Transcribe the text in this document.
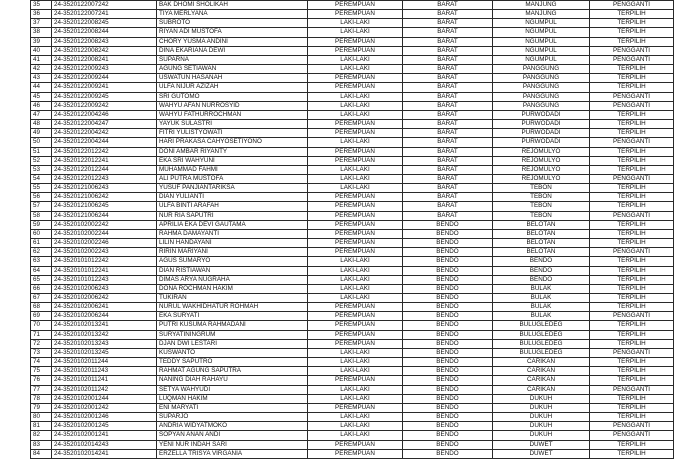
35	24-3520122007242	BAK DHOMI SHOLIKAH	PEREMPUAN	BARAT	MANJUNG	PENGGANTI
36	24-3520122007241	TIYA MERLYANA	PEREMPUAN	BARAT	MANJUNG	TERPILIH
37	24-3520122008245	SUBROTO	LAKI-LAKI	BARAT	NGUMPUL	TERPILIH
38	24-3520122008244	RIYAN ADI MUSTOFA	LAKI-LAKI	BARAT	NGUMPUL	TERPILIH
39	24-3520122008243	CHORY YUSMA ANDINI	PEREMPUAN	BARAT	NGUMPUL	TERPILIH
40	24-3520122008242	DINA EKARIANA DEWI	PEREMPUAN	BARAT	NGUMPUL	PENGGANTI
41	24-3520122008241	SUPARNA	LAKI-LAKI	BARAT	NGUMPUL	PENGGANTI
42	24-3520122009243	AGUNG SETIAWAN	LAKI-LAKI	BARAT	PANGGUNG	TERPILIH
43	24-3520122009244	USWATUN HASANAH	PEREMPUAN	BARAT	PANGGUNG	TERPILIH
44	24-3520122009241	ULFA NIJUR AZIZAH	PEREMPUAN	BARAT	PANGGUNG	TERPILIH
45	24-3520122009245	SRI GUTOMO	LAKI-LAKI	BARAT	PANGGUNG	PENGGANTI
46	24-3520122009242	WAHYU AFAN NURROSYID	LAKI-LAKI	BARAT	PANGGUNG	PENGGANTI
47	24-3520122004246	WAHYU FATHURROCHMAN	LAKI-LAKI	BARAT	PURWODADI	TERPILIH
48	24-3520122004247	YAYUK SULASTRI	PEREMPUAN	BARAT	PURWODADI	TERPILIH
49	24-3520122004242	FITRI YULISTYOWATI	PEREMPUAN	BARAT	PURWODADI	TERPILIH
50	24-3520122004244	HARI PRAKASA CAHYOSETIYONO	LAKI-LAKI	BARAT	PURWODADI	PENGGANTI
51	24-3520122012242	DONI AMBAR RIYANTY	PEREMPUAN	BARAT	REJOMULYO	TERPILIH
52	24-3520122012241	EKA SRI WAHYUNI	PEREMPUAN	BARAT	REJOMULYO	TERPILIH
53	24-3520122012244	MUHAMMAD FAHMI	LAKI-LAKI	BARAT	REJOMULYO	TERPILIH
54	24-3520122012243	ALI PUTRA MUSTOFA	LAKI-LAKI	BARAT	REJOMULYO	PENGGANTI
55	24-3520121006243	YUSUF PANJIANTARIKSA	LAKI-LAKI	BARAT	TEBON	TERPILIH
56	24-3520121006242	DIAN YULIANTI	PEREMPUAN	BARAT	TEBON	TERPILIH
57	24-3520121006245	ULFA BINTI ARAFAH	PEREMPUAN	BARAT	TEBON	TERPILIH
58	24-3520121006244	NUR RIA SAPUTRI	PEREMPUAN	BARAT	TEBON	PENGGANTI
59	24-3520102002242	APRILIA EKA DEVI GAUTAMA	PEREMPUAN	BENDO	BELOTAN	TERPILIH
60	24-3520102002244	RAHMA DAMAYANTI	PEREMPUAN	BENDO	BELOTAN	TERPILIH
61	24-3520102002246	LILIN HANDAYANI	PEREMPUAN	BENDO	BELOTAN	TERPILIH
62	24-3520102002243	RIRIN MARIYANI	PEREMPUAN	BENDO	BELOTAN	PENGGANTI
63	24-3520101012242	AGUS SUMARYO	LAKI-LAKI	BENDO	BENDO	TERPILIH
64	24-3520101012241	DIAN RISTIAWAN	LAKI-LAKI	BENDO	BENDO	TERPILIH
65	24-3520101012243	DIMAS ARYA NUGRAHA	LAKI-LAKI	BENDO	BENDO	TERPILIH
66	24-3520102006243	DONA ROCHMAN HAKIM	LAKI-LAKI	BENDO	BULAK	TERPILIH
67	24-3520102006242	TUKIRAN	LAKI-LAKI	BENDO	BULAK	TERPILIH
68	24-3520102006241	NURUL WAKHIDHATUR ROHMAH	PEREMPUAN	BENDO	BULAK	TERPILIH
69	24-3520102006244	EKA SURYATI	PEREMPUAN	BENDO	BULAK	PENGGANTI
70	24-3520102013241	PUTRI KUSUMA RAHMADANI	PEREMPUAN	BENDO	BULUGLEDEG	TERPILIH
71	24-3520102013242	SURYATININGRUM	PEREMPUAN	BENDO	BULUGLEDEG	TERPILIH
72	24-3520102013243	DJAN DWI LESTARI	PEREMPUAN	BENDO	BULUGLEDEG	TERPILIH
73	24-3520102013245	KUSWANTO	LAKI-LAKI	BENDO	BULUGLEDEG	PENGGANTI
74	24-3520102011244	TEDDY SAPUTRO	LAKI-LAKI	BENDO	CARIKAN	TERPILIH
75	24-3520102011243	RAHMAT AGUNG SAPUTRA	LAKI-LAKI	BENDO	CARIKAN	TERPILIH
76	24-3520102011241	NANING DIAH RAHAYU	PEREMPUAN	BENDO	CARIKAN	TERPILIH
77	24-3520102011242	SETYA WAHYUDI	LAKI-LAKI	BENDO	CARIKAN	PENGGANTI
78	24-3520102001244	LUQMAN HAKIM	LAKI-LAKI	BENDO	DUKUH	TERPILIH
79	24-3520102001242	ENI MARYATI	PEREMPUAN	BENDO	DUKUH	TERPILIH
80	24-3520102001246	SUPARJO	LAKI-LAKI	BENDO	DUKUH	TERPILIH
81	24-3520102001245	ANDRIA WIDYATMOKO	LAKI-LAKI	BENDO	DUKUH	PENGGANTI
82	24-3520102001241	SOPYAN ANAN ANDI	LAKI-LAKI	BENDO	DUKUH	PENGGANTI
83	24-3520102014243	YENI NUR INDAH SARI	PEREMPUAN	BENDO	DUWET	TERPILIH
84	24-3520102014241	ERZELLA TRISYA VIRGANIA	PEREMPUAN	BENDO	DUWET	TERPILIH
